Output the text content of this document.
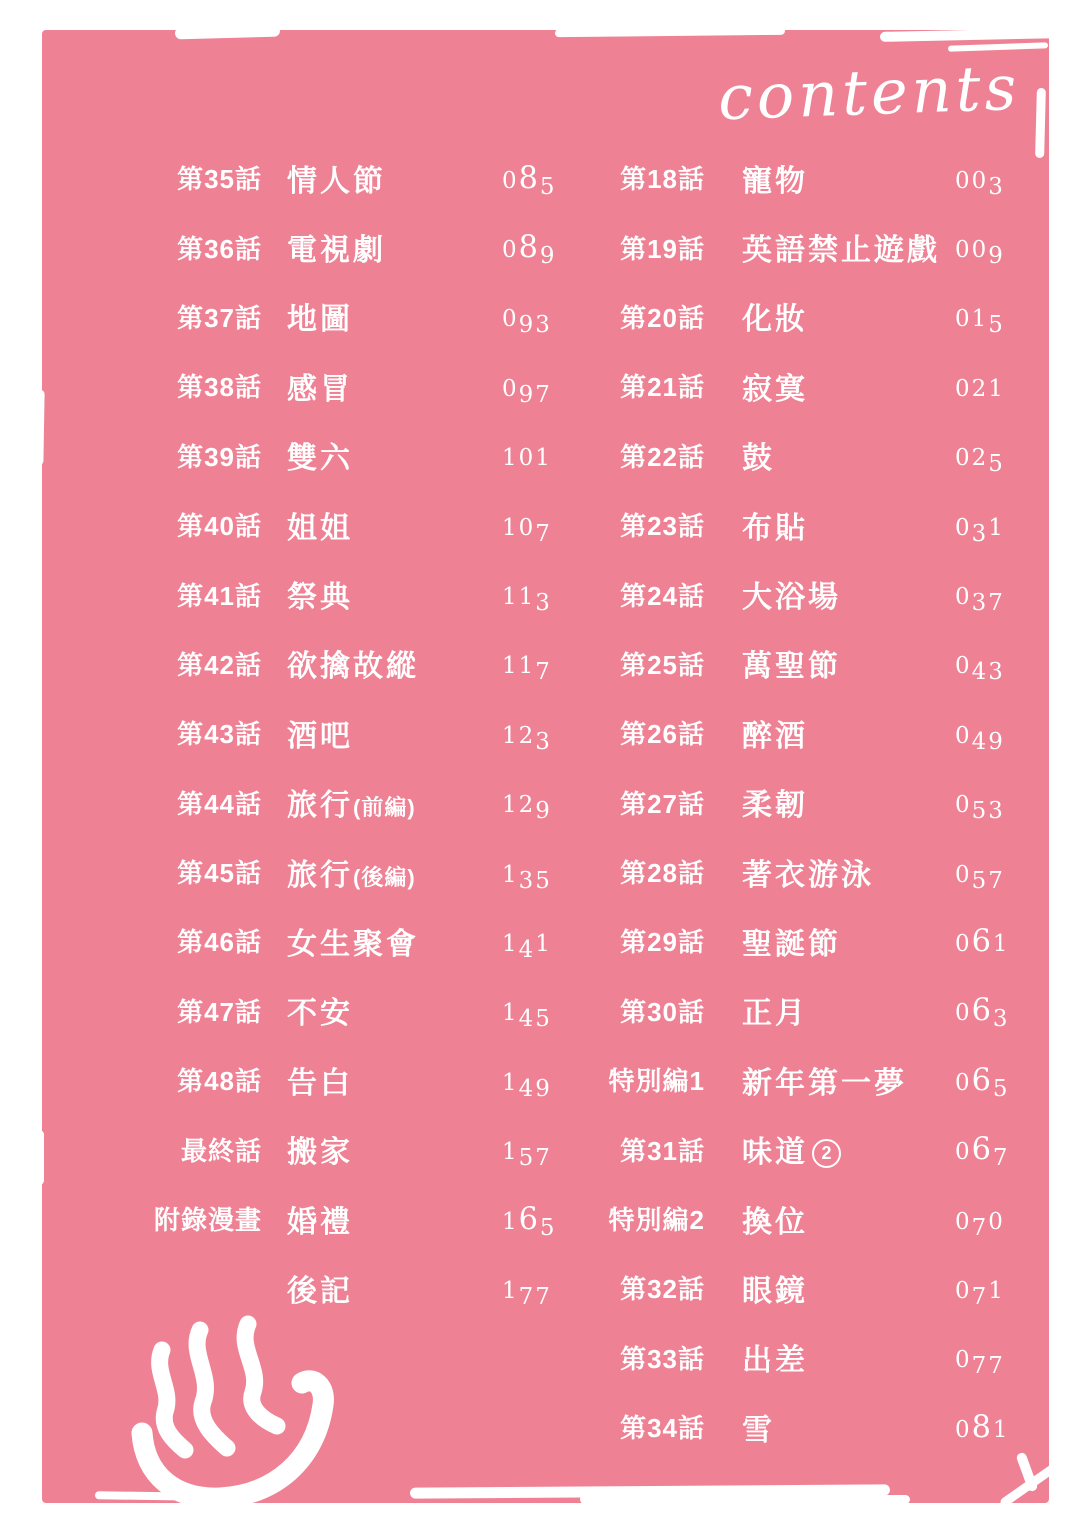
contents
第35話 情人節	085
第36話 電視劇	089
第37話 地圖	093
第38話 感冒	097
第39話 雙六	101
第40話 姐姐	107
第41話 祭典	113
第42話 欲擒故縱	117
第43話 酒吧	123
第44話 旅行(前編)	129
第45話 旅行(後編)	135
第46話 女生聚會	141
第47話 不安	145
第48話 告白	149
最終話 搬家	157
附錄漫畫 婚禮	165
後記	177
第18話	寵物	003
第19話	英語禁止遊戲 009
第20話	化妝	015
第21話	寂寞	021
第22話	鼓	025
第23話	布貼	031
第24話	大浴場	037
第25話	萬聖節	043
第26話	醉酒	049
第27話	柔韌	053
第28話	著衣游泳	057
第29話	聖誕節	061
第30話	正月	063
特別編1	新年第一夢	065
第31話	味道 2	067
特別編2	換位	070
第32話	眼鏡	071
第33話	出差	077
第34話	雪	081
